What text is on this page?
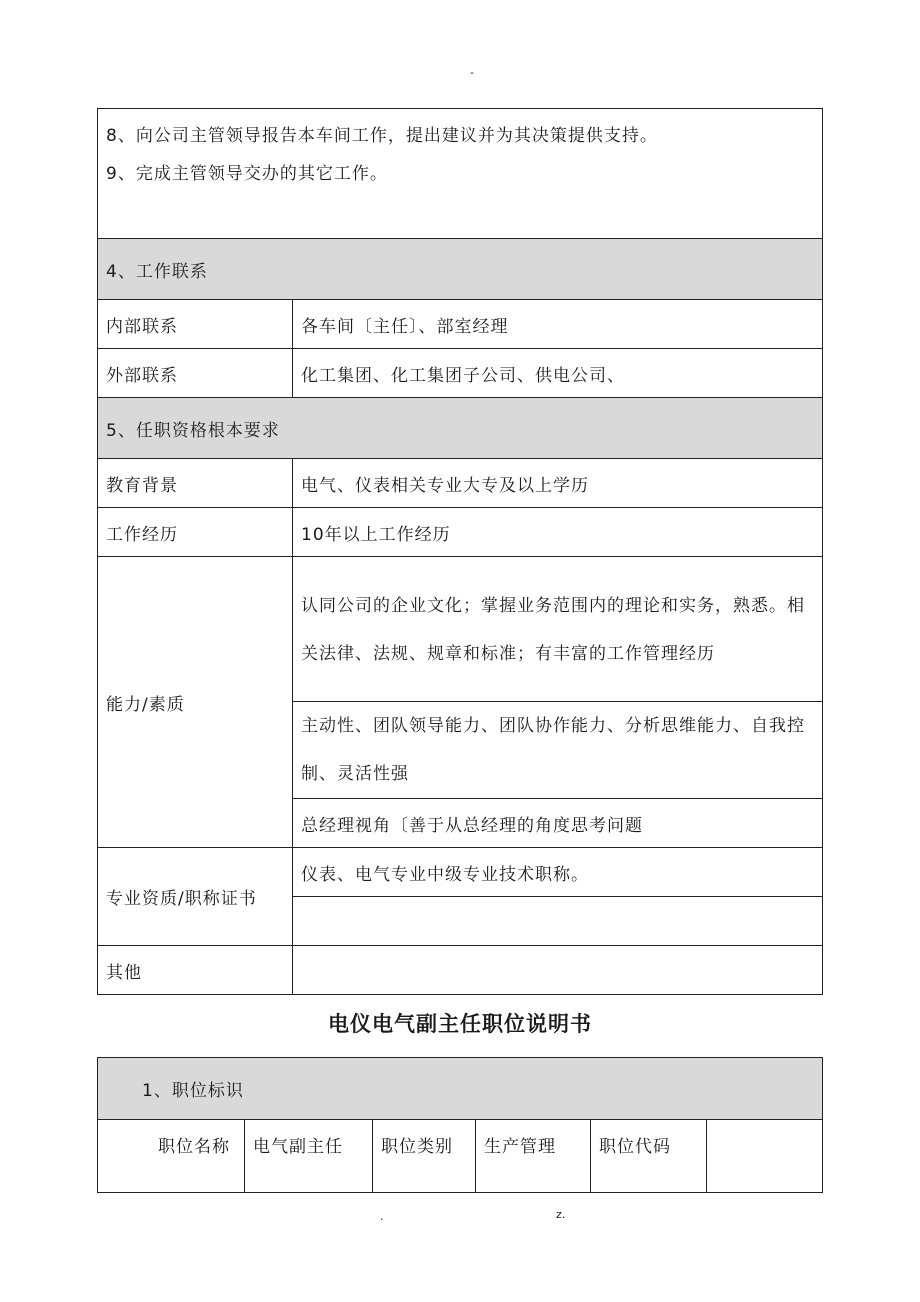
-
8、向公司主管领导报告本车间工作，提出建议并为其决策提供支持。
9、完成主管领导交办的其它工作。	

4、工作联系	
内部联系	各车间〔主任〕、部室经理
外部联系	化工集团、化工集团子公司、供电公司、
5、任职资格根本要求	
教育背景	电气、仪表相关专业大专及以上学历
工作经历	10年以上工作经历
能力/素质	认同公司的企业文化；掌握业务范围内的理论和实务，熟悉。相关法律、法规、规章和标准；有丰富的工作管理经历
	主动性、团队领导能力、团队协作能力、分析思维能力、自我控制、灵活性强
	总经理视角〔善于从总经理的角度思考问题
专业资质/职称证书	仪表、电气专业中级专业技术职称。

其他	
电仪电气副主任职位说明书
1、职位标识
职位名称	电气副主任	职位类别	生产管理	职位代码	
.	z.
